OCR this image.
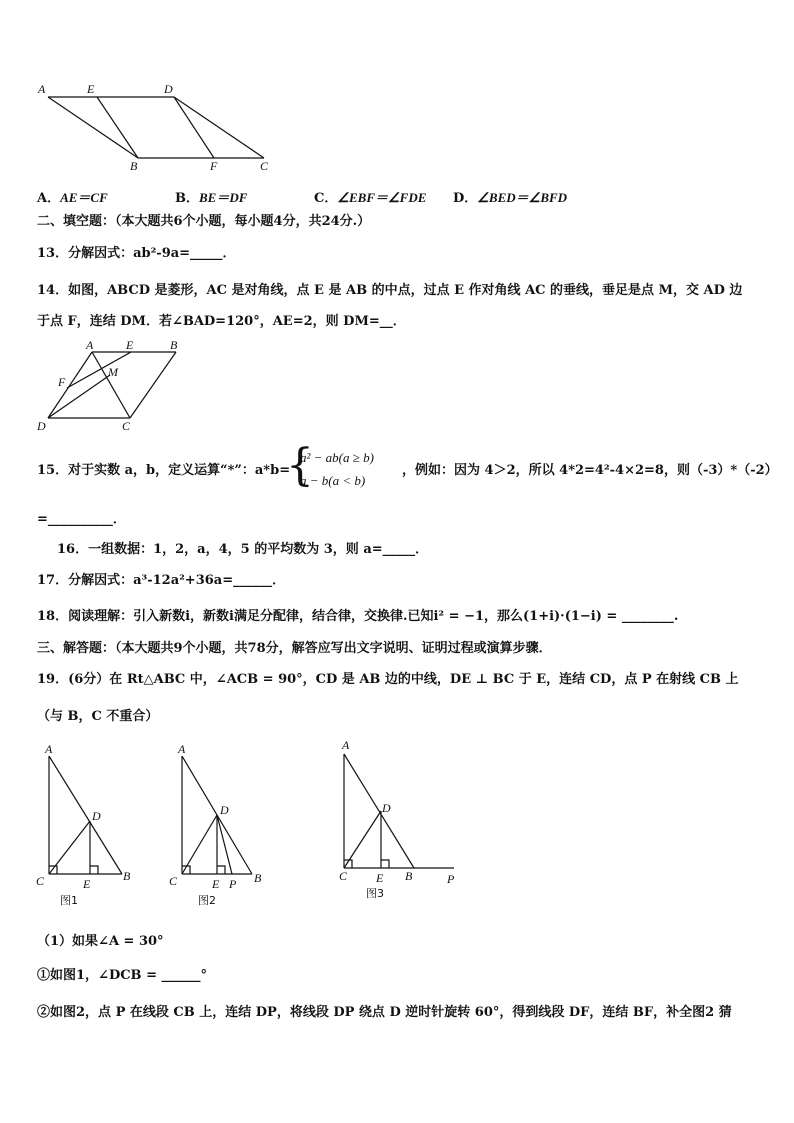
A	E	D
B	F	C
A．AE＝CF	B．BE＝DF	C．∠EBF＝∠FDE D．∠BED＝∠BFD
二、填空题：（本大题共6个小题，每小题4分，共24分.）
13．分解因式：ab²-9a=_____．
14．如图，ABCD 是菱形，AC 是对角线，点 E 是 AB 的中点，过点 E 作对角线 AC 的垂线，垂足是点 M，交 AD 边
于点 F，连结 DM．若∠BAD=120°，AE=2，则 DM=__．
A	E	B
F
M
D	C
15．对于实数 a，b，定义运算“*”：a*b=
{
a² − ab(a ≥ b)
a − b(a < b)
，例如：因为 4＞2，所以 4*2=4²-4×2=8，则（-3）*（-2）
=__________．
16．一组数据：1，2，a，4，5 的平均数为 3，则 a=_____．
17．分解因式：a³-12a²+36a=______．
18．阅读理解：引入新数i，新数i满足分配律，结合律，交换律.已知i² = −1，那么(1+i)·(1−i) = ________.
三、解答题：（本大题共9个小题，共78分，解答应写出文字说明、证明过程或演算步骤．
19．(6分）在 Rt△ABC 中，∠ACB = 90°，CD 是 AB 边的中线，DE ⊥ BC 于 E，连结 CD，点 P 在射线 CB 上
（与 B，C 不重合）
A
D
C	E
B
图1
A
D
C	E P B
图2
A
D
C E B	P
图3
（1）如果∠A = 30°
①如图1，∠DCB = ______°
②如图2，点 P 在线段 CB 上，连结 DP，将线段 DP 绕点 D 逆时针旋转 60°，得到线段 DF，连结 BF，补全图2 猜
